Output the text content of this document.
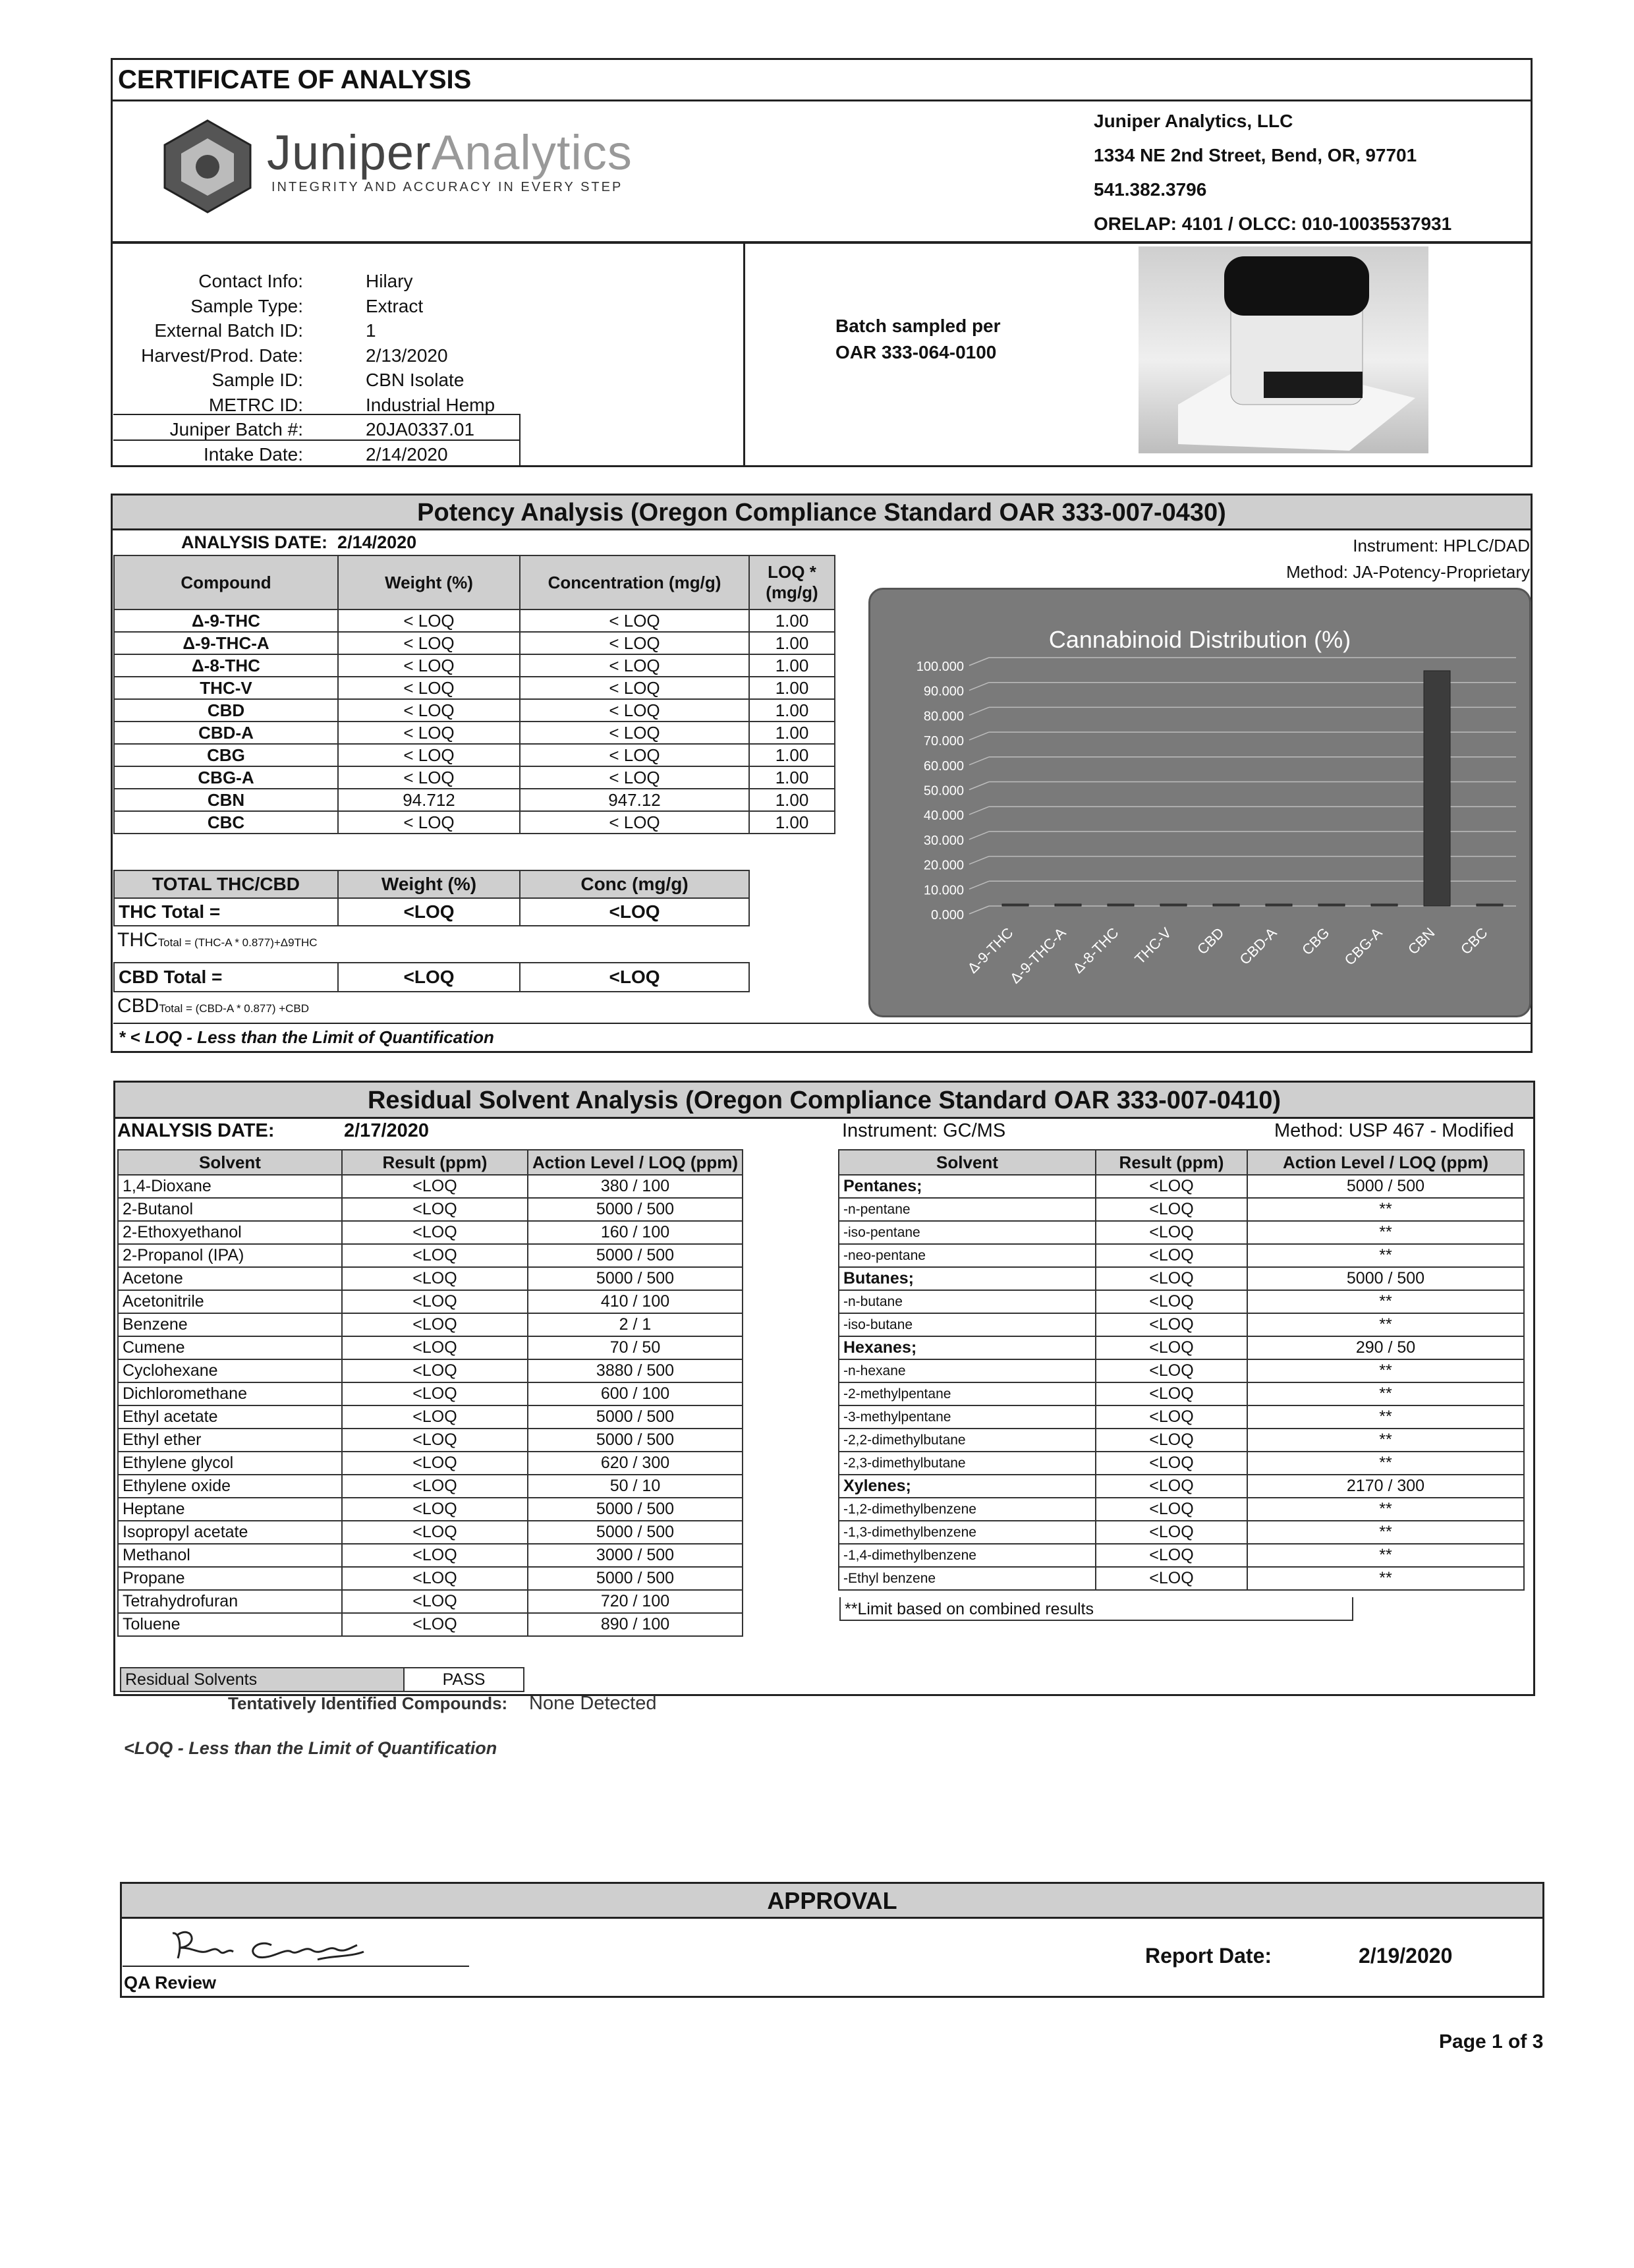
CERTIFICATE OF ANALYSIS
JuniperAnalytics
INTEGRITY AND ACCURACY IN EVERY STEP
Juniper Analytics, LLC
1334 NE 2nd Street, Bend, OR, 97701
541.382.3796
ORELAP: 4101 / OLCC: 010-10035537931
Contact Info:	Hilary
Sample Type:	Extract
External Batch ID:	1
Harvest/Prod. Date:	2/13/2020
Sample ID:	CBN Isolate
METRC ID:	Industrial Hemp
Juniper Batch #:	20JA0337.01
Intake Date:	2/14/2020
Batch sampled per
OAR 333-064-0100
Potency Analysis (Oregon Compliance Standard OAR 333-007-0430)
ANALYSIS DATE: 2/14/2020	Instrument: HPLC/DAD
Method: JA-Potency-Proprietary
Compound	Weight (%)	Concentration (mg/g)	LOQ *
(mg/g)

Δ-9-THC	< LOQ	< LOQ	1.00
Δ-9-THC-A	< LOQ	< LOQ	1.00
Δ-8-THC	< LOQ	< LOQ	1.00
THC-V	< LOQ	< LOQ	1.00
CBD	< LOQ	< LOQ	1.00
CBD-A	< LOQ	< LOQ	1.00
CBG	< LOQ	< LOQ	1.00
CBG-A	< LOQ	< LOQ	1.00
CBN	94.712	947.12	1.00
CBC	< LOQ	< LOQ	1.00
Cannabinoid Distribution (%)
0.000
10.000
20.000
30.000
40.000
50.000
60.000
70.000
80.000
90.000
100.000
Δ-9-THC
Δ-9-THC-A Δ-8-THC THC-V CBD CBD-A CBG CBG-A CBN CBC
TOTAL THC/CBD	Weight (%)	Conc (mg/g)
THC Total =	<LOQ	<LOQ
THCTotal = (THC-A * 0.877)+Δ9THC
CBD Total =	<LOQ	<LOQ
CBDTotal = (CBD-A * 0.877) +CBD
* < LOQ - Less than the Limit of Quantification
Residual Solvent Analysis (Oregon Compliance Standard OAR 333-007-0410)
ANALYSIS DATE:	2/17/2020	Instrument: GC/MS	Method: USP 467 - Modified
Solvent	Result (ppm)	Action Level / LOQ (ppm)
1,4-Dioxane	<LOQ	380 / 100
2-Butanol	<LOQ	5000 / 500
2-Ethoxyethanol	<LOQ	160 / 100
2-Propanol (IPA)	<LOQ	5000 / 500
Acetone	<LOQ	5000 / 500
Acetonitrile	<LOQ	410 / 100
Benzene	<LOQ	2 / 1
Cumene	<LOQ	70 / 50
Cyclohexane	<LOQ	3880 / 500
Dichloromethane	<LOQ	600 / 100
Ethyl acetate	<LOQ	5000 / 500
Ethyl ether	<LOQ	5000 / 500
Ethylene glycol	<LOQ	620 / 300
Ethylene oxide	<LOQ	50 / 10
Heptane	<LOQ	5000 / 500
Isopropyl acetate	<LOQ	5000 / 500
Methanol	<LOQ	3000 / 500
Propane	<LOQ	5000 / 500
Tetrahydrofuran	<LOQ	720 / 100
Toluene	<LOQ	890 / 100
Solvent	Result (ppm)	Action Level / LOQ (ppm)
Pentanes;	<LOQ	5000 / 500
-n-pentane	<LOQ	**
-iso-pentane	<LOQ	**
-neo-pentane	<LOQ	**
Butanes;	<LOQ	5000 / 500
-n-butane	<LOQ	**
-iso-butane	<LOQ	**
Hexanes;	<LOQ	290 / 50
-n-hexane	<LOQ	**
-2-methylpentane	<LOQ	**
-3-methylpentane	<LOQ	**
-2,2-dimethylbutane	<LOQ	**
-2,3-dimethylbutane	<LOQ	**
Xylenes;	<LOQ	2170 / 300
-1,2-dimethylbenzene	<LOQ	**
-1,3-dimethylbenzene	<LOQ	**
-1,4-dimethylbenzene	<LOQ	**
-Ethyl benzene	<LOQ	**
**Limit based on combined results
Residual Solvents	PASS
Tentatively Identified Compounds: None Detected
<LOQ - Less than the Limit of Quantification
APPROVAL
QA Review
Report Date:	2/19/2020
Page 1 of 3
